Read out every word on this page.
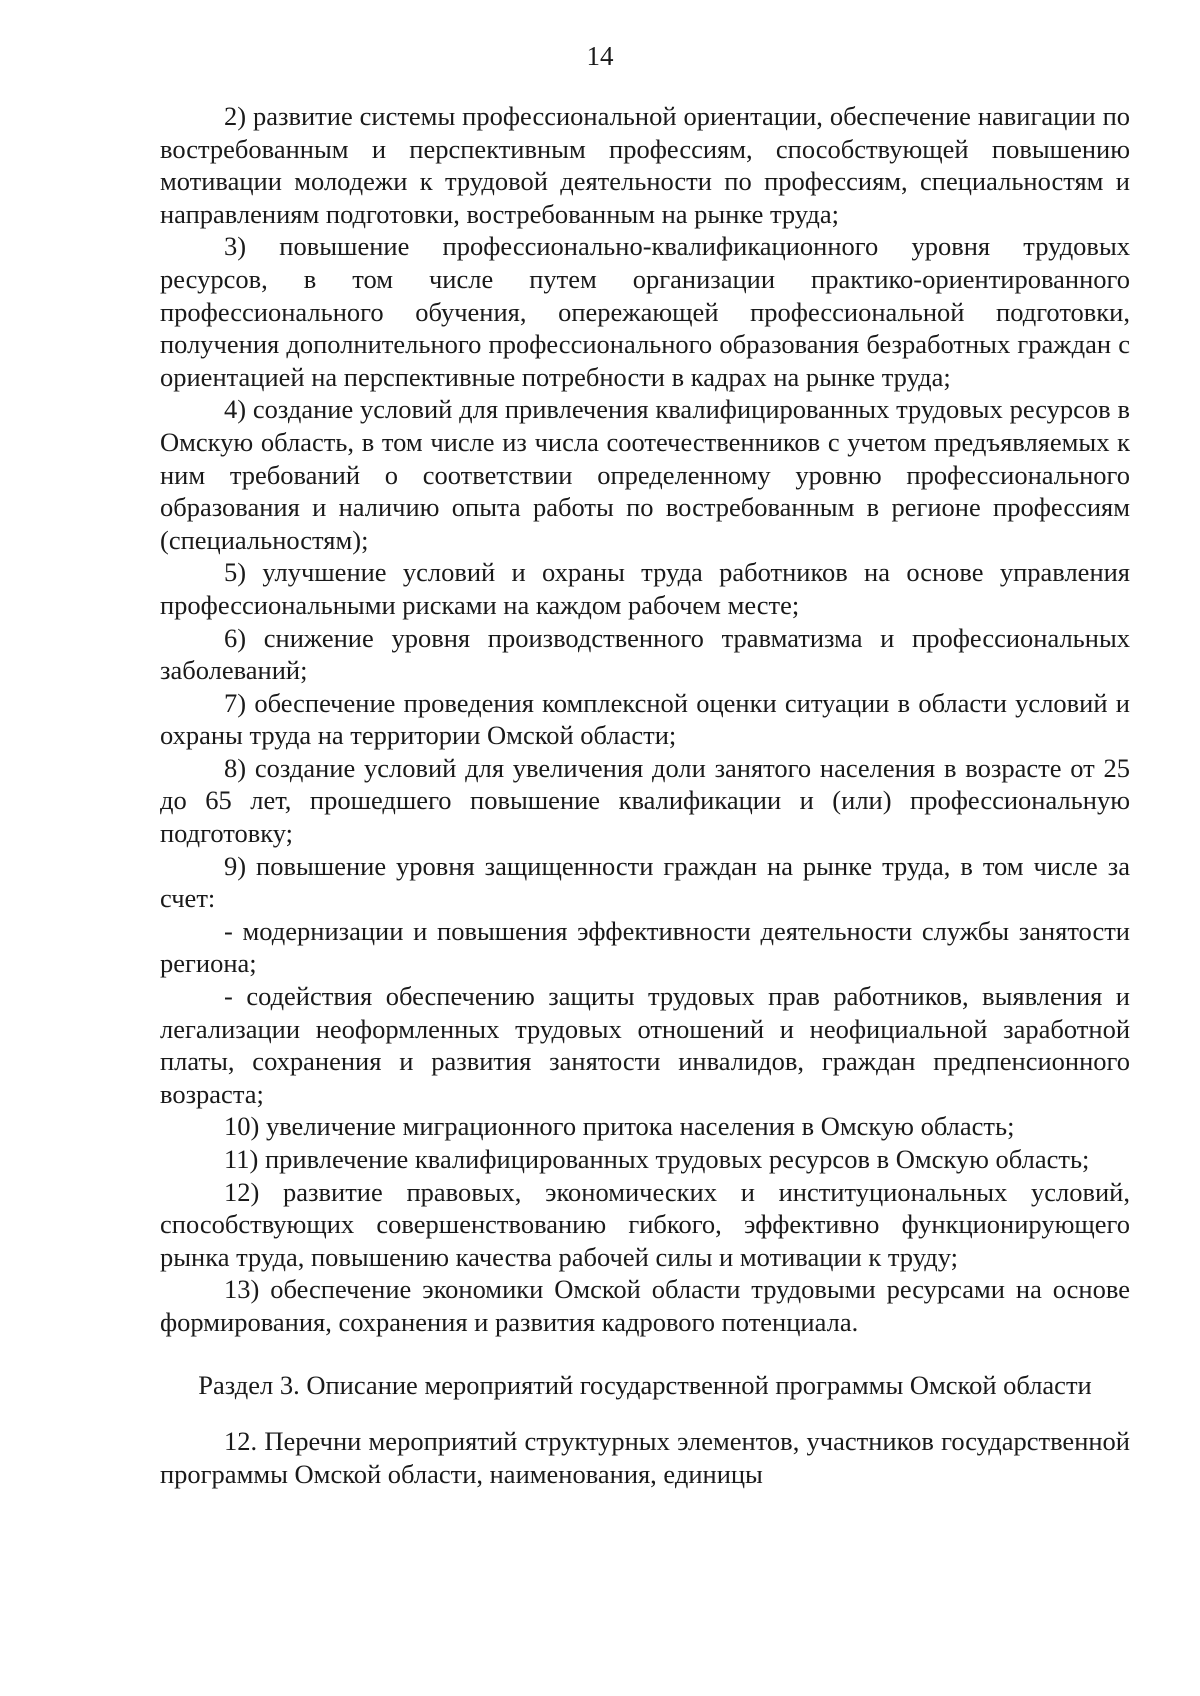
14

2) развитие системы профессиональной ориентации, обеспечение навигации по востребованным и перспективным профессиям, способствующей повышению мотивации молодежи к трудовой деятельности по профессиям, специальностям и направлениям подготовки, востребованным на рынке труда;

3) повышение профессионально-квалификационного уровня трудовых ресурсов, в том числе путем организации практико-ориентированного профессионального обучения, опережающей профессиональной подготовки, получения дополнительного профессионального образования безработных граждан с ориентацией на перспективные потребности в кадрах на рынке труда;

4) создание условий для привлечения квалифицированных трудовых ресурсов в Омскую область, в том числе из числа соотечественников с учетом предъявляемых к ним требований о соответствии определенному уровню профессионального образования и наличию опыта работы по востребованным в регионе профессиям (специальностям);

5) улучшение условий и охраны труда работников на основе управления профессиональными рисками на каждом рабочем месте;

6) снижение уровня производственного травматизма и профессиональных заболеваний;

7) обеспечение проведения комплексной оценки ситуации в области условий и охраны труда на территории Омской области;

8) создание условий для увеличения доли занятого населения в возрасте от 25 до 65 лет, прошедшего повышение квалификации и (или) профессиональную подготовку;

9) повышение уровня защищенности граждан на рынке труда, в том числе за счет:

- модернизации и повышения эффективности деятельности службы занятости региона;

- содействия обеспечению защиты трудовых прав работников, выявления и легализации неоформленных трудовых отношений и неофициальной заработной платы, сохранения и развития занятости инвалидов, граждан предпенсионного возраста;

10) увеличение миграционного притока населения в Омскую область;

11) привлечение квалифицированных трудовых ресурсов в Омскую область;

12) развитие правовых, экономических и институциональных условий, способствующих совершенствованию гибкого, эффективно функционирующего рынка труда, повышению качества рабочей силы и мотивации к труду;

13) обеспечение экономики Омской области трудовыми ресурсами на основе формирования, сохранения и развития кадрового потенциала.

Раздел 3. Описание мероприятий государственной программы Омской области

12. Перечни мероприятий структурных элементов, участников государственной программы Омской области, наименования, единицы
